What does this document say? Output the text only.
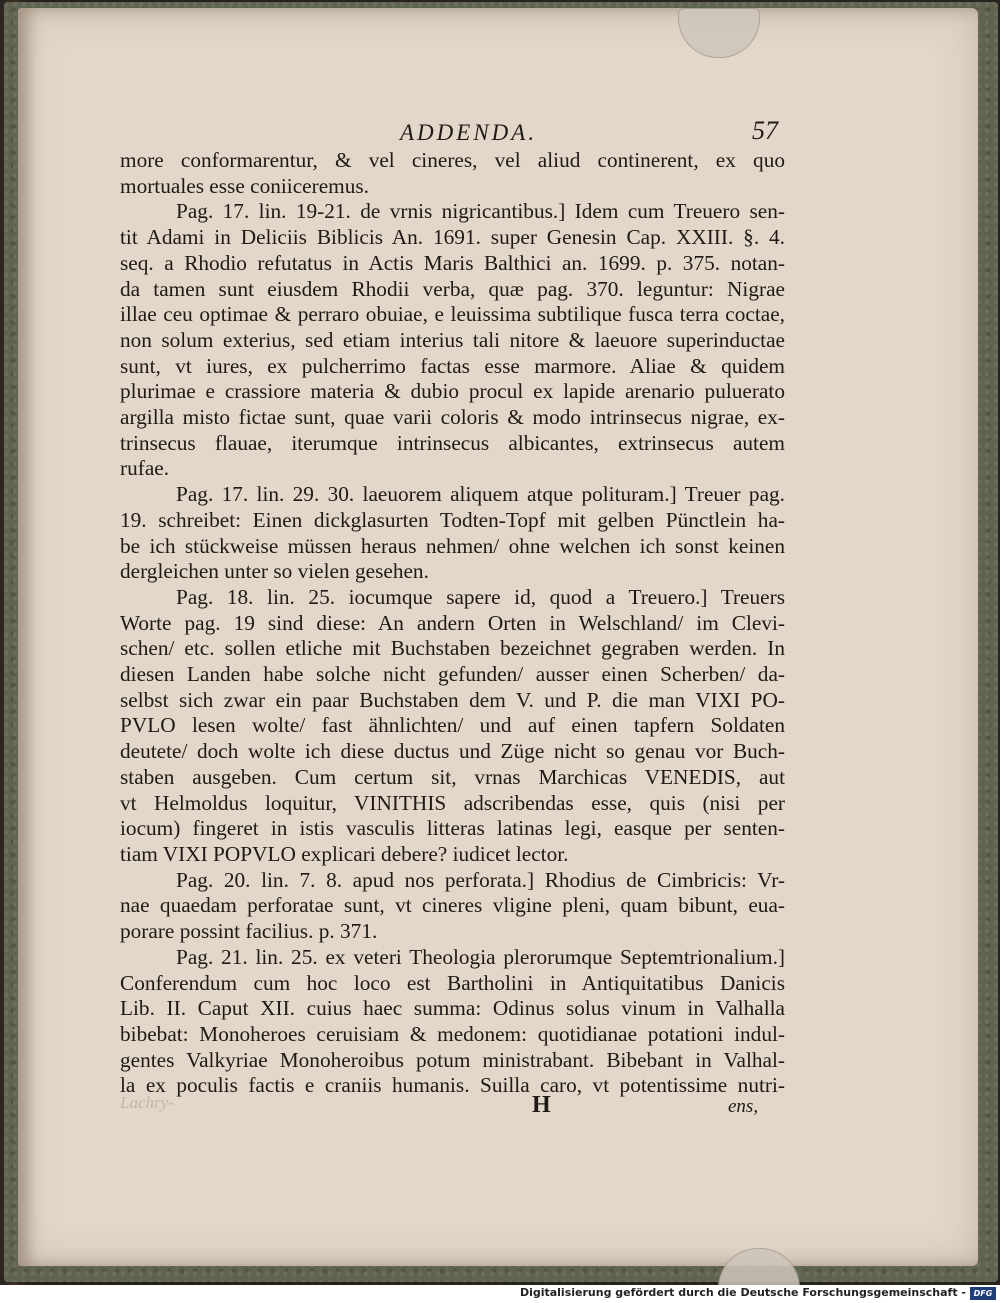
ADDENDA.	57
more conformarentur, & vel cineres, vel aliud continerent, ex quo
mortuales esse coniiceremus.
Pag. 17. lin. 19-21. de vrnis nigricantibus.] Idem cum Treuero sen-
tit Adami in Deliciis Biblicis An. 1691. super Genesin Cap. XXIII. §. 4.
seq. a Rhodio refutatus in Actis Maris Balthici an. 1699. p. 375. notan-
da tamen sunt eiusdem Rhodii verba, quæ pag. 370. leguntur: Nigrae
illae ceu optimae & perraro obuiae, e leuissima subtilique fusca terra coctae,
non solum exterius, sed etiam interius tali nitore & laeuore superinductae
sunt, vt iures, ex pulcherrimo factas esse marmore. Aliae & quidem
plurimae e crassiore materia & dubio procul ex lapide arenario puluerato
argilla misto fictae sunt, quae varii coloris & modo intrinsecus nigrae, ex-
trinsecus flauae, iterumque intrinsecus albicantes, extrinsecus autem
rufae.
Pag. 17. lin. 29. 30. laeuorem aliquem atque polituram.] Treuer pag.
19. schreibet: Einen dickglasurten Todten-Topf mit gelben Pünctlein ha-
be ich stückweise müssen heraus nehmen/ ohne welchen ich sonst keinen
dergleichen unter so vielen gesehen.
Pag. 18. lin. 25. iocumque sapere id, quod a Treuero.] Treuers
Worte pag. 19 sind diese: An andern Orten in Welschland/ im Clevi-
schen/ etc. sollen etliche mit Buchstaben bezeichnet gegraben werden. In
diesen Landen habe solche nicht gefunden/ ausser einen Scherben/ da-
selbst sich zwar ein paar Buchstaben dem V. und P. die man VIXI PO-
PVLO lesen wolte/ fast ähnlichten/ und auf einen tapfern Soldaten
deutete/ doch wolte ich diese ductus und Züge nicht so genau vor Buch-
staben ausgeben. Cum certum sit, vrnas Marchicas VENEDIS, aut
vt Helmoldus loquitur, VINITHIS adscribendas esse, quis (nisi per
iocum) fingeret in istis vasculis litteras latinas legi, easque per senten-
tiam VIXI POPVLO explicari debere? iudicet lector.
Pag. 20. lin. 7. 8. apud nos perforata.] Rhodius de Cimbricis: Vr-
nae quaedam perforatae sunt, vt cineres vligine pleni, quam bibunt, eua-
porare possint facilius. p. 371.
Pag. 21. lin. 25. ex veteri Theologia plerorumque Septemtrionalium.]
Conferendum cum hoc loco est Bartholini in Antiquitatibus Danicis
Lib. II. Caput XII. cuius haec summa: Odinus solus vinum in Valhalla
bibebat: Monoheroes ceruisiam & medonem: quotidianae potationi indul-
gentes Valkyriae Monoheroibus potum ministrabant. Bibebant in Valhal-
la ex poculis factis e craniis humanis. Suilla caro, vt potentissime nutri-
Lachry-	H	ens,
Digitalisierung gefördert durch die Deutsche Forschungsgemeinschaft - DFG
